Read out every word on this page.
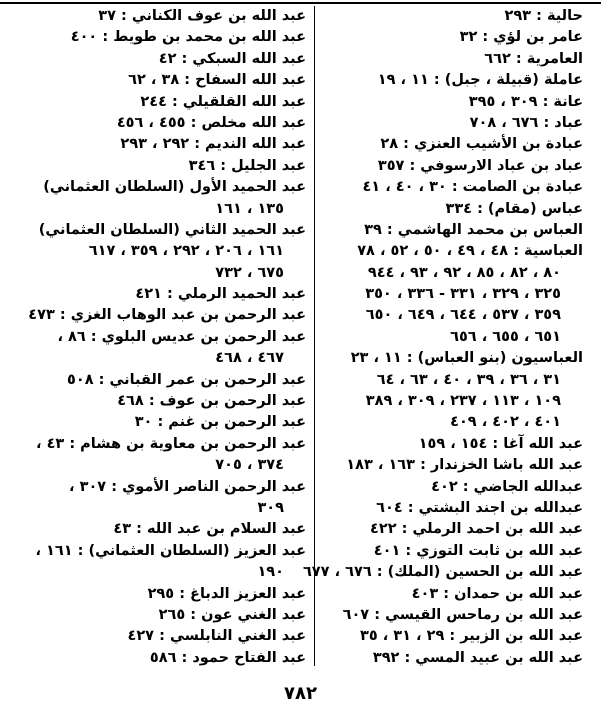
حالية : ٢٩٣
عامر بن لؤي : ٣٢
العامرية : ٦٦٢
عاملة (قبيلة ، جبل) : ١١ ، ١٩
عانة : ٣٠٩ ، ٣٩٥
عباد : ٦٧٦ ، ٧٠٨
عبادة بن الأشيب العنزي : ٢٨
عباد بن عباد الارسوفي : ٣٥٧
عبادة بن الصامت : ٣٠ ، ٤٠ ، ٤١
عباس (مقام) : ٣٣٤
العباس بن محمد الهاشمي : ٣٩
العباسية : ٤٨ ، ٤٩ ، ٥٠ ، ٥٢ ، ٧٨
٨٠ ، ٨٢ ، ٨٥ ، ٩٢ ، ٩٣ ، ٩٤٤
٣٢٥ ، ٣٢٩ ، ٣٣١ - ٣٣٦ ، ٣٥٠
٣٥٩ ، ٥٣٧ ، ٦٤٤ ، ٦٤٩ ، ٦٥٠
٦٥١ ، ٦٥٥ ، ٦٥٦
العباسيون (بنو العباس) : ١١ ، ٢٣
٣١ ، ٣٦ ، ٣٩ ، ٤٠ ، ٦٣ ، ٦٤
١٠٩ ، ١١٣ ، ٢٣٧ ، ٣٠٩ ، ٣٨٩
٤٠١ ، ٤٠٢ ، ٤٠٩
عبد الله آغا : ١٥٤ ، ١٥٩
عبد الله باشا الخزندار : ١٦٣ ، ١٨٣
عبدالله الجاضي : ٤٠٢
عبدالله بن اجند البشتي : ٦٠٤
عبد الله بن احمد الرملي : ٤٢٢
عبد الله بن ثابت التوزي : ٤٠١
عبد الله بن الحسين (الملك) : ٦٧٦ ، ٦٧٧
عبد الله بن حمدان : ٤٠٣
عبد الله بن رماحس القيسي : ٦٠٧
عبد الله بن الزبير : ٢٩ ، ٣١ ، ٣٥
عبد الله بن عبيد المسي : ٣٩٢
عبد الله بن عوف الكناني : ٣٧
عبد الله بن محمد بن طويط : ٤٠٠
عبد الله السبكي : ٤٢
عبد الله السفاح : ٣٨ ، ٦٢
عبد الله القلقيلي : ٢٤٤
عبد الله مخلص : ٤٥٥ ، ٤٥٦
عبد الله النديم : ٢٩٢ ، ٢٩٣
عبد الجليل : ٣٤٦
عبد الحميد الأول (السلطان العثماني)
١٣٥ ، ١٦١
عبد الحميد الثاني (السلطان العثماني)
١٦١ ، ٢٠٦ ، ٢٩٢ ، ٣٥٩ ، ٦١٧
٦٧٥ ، ٧٣٢
عبد الحميد الرملي : ٤٢١
عبد الرحمن بن عبد الوهاب الغزي : ٤٧٣
عبد الرحمن بن عديس البلوي : ٨٦ ،
٤٦٧ ، ٤٦٨
عبد الرحمن بن عمر القباني : ٥٠٨
عبد الرحمن بن عوف : ٤٦٨
عبد الرحمن بن غنم : ٣٠
عبد الرحمن بن معاوية بن هشام : ٤٣ ،
٣٧٤ ، ٧٠٥
عبد الرحمن الناصر الأموي : ٣٠٧ ،
٣٠٩
عبد السلام بن عبد الله : ٤٣
عبد العزيز (السلطان العثماني) : ١٦١ ،
١٩٠
عبد العزيز الدباغ : ٢٩٥
عبد الغني عون : ٢٦٥
عبد الغني النابلسي : ٤٢٧
عبد الفتاح حمود : ٥٨٦
٧٨٢
